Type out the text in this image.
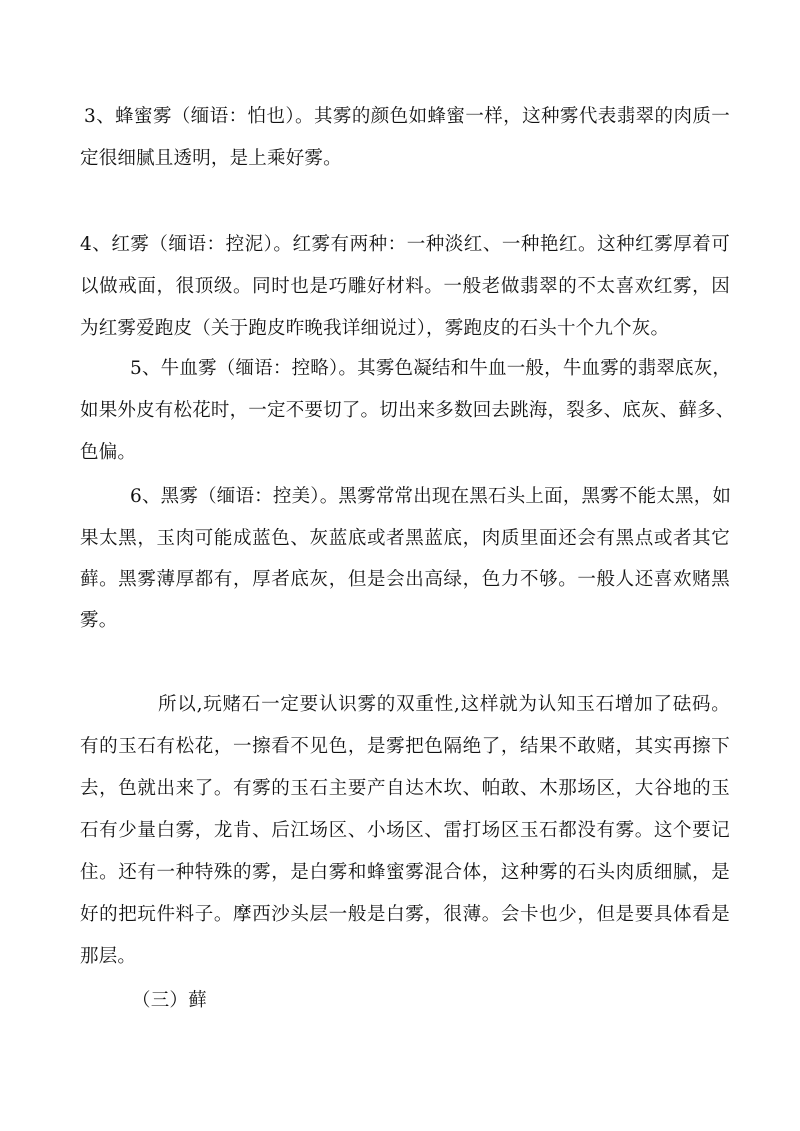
3、蜂蜜雾（缅语：怕也）。其雾的颜色如蜂蜜一样，这种雾代表翡翠的肉质一
定很细腻且透明，是上乘好雾。
4、红雾（缅语：控泥）。红雾有两种：一种淡红、一种艳红。这种红雾厚着可
以做戒面，很顶级。同时也是巧雕好材料。一般老做翡翠的不太喜欢红雾，因
为红雾爱跑皮（关于跑皮昨晚我详细说过），雾跑皮的石头十个九个灰。
5、牛血雾（缅语：控略）。其雾色凝结和牛血一般，牛血雾的翡翠底灰，
如果外皮有松花时，一定不要切了。切出来多数回去跳海，裂多、底灰、藓多、
色偏。
6、黑雾（缅语：控美）。黑雾常常出现在黑石头上面，黑雾不能太黑，如
果太黑，玉肉可能成蓝色、灰蓝底或者黑蓝底，肉质里面还会有黑点或者其它
藓。黑雾薄厚都有，厚者底灰，但是会出高绿，色力不够。一般人还喜欢赌黑
雾。
所以,玩赌石一定要认识雾的双重性,这样就为认知玉石增加了砝码。
有的玉石有松花，一擦看不见色，是雾把色隔绝了，结果不敢赌，其实再擦下
去，色就出来了。有雾的玉石主要产自达木坎、帕敢、木那场区，大谷地的玉
石有少量白雾，龙肯、后江场区、小场区、雷打场区玉石都没有雾。这个要记
住。还有一种特殊的雾，是白雾和蜂蜜雾混合体，这种雾的石头肉质细腻，是
好的把玩件料子。摩西沙头层一般是白雾，很薄。会卡也少，但是要具体看是
那层。
（三）藓
